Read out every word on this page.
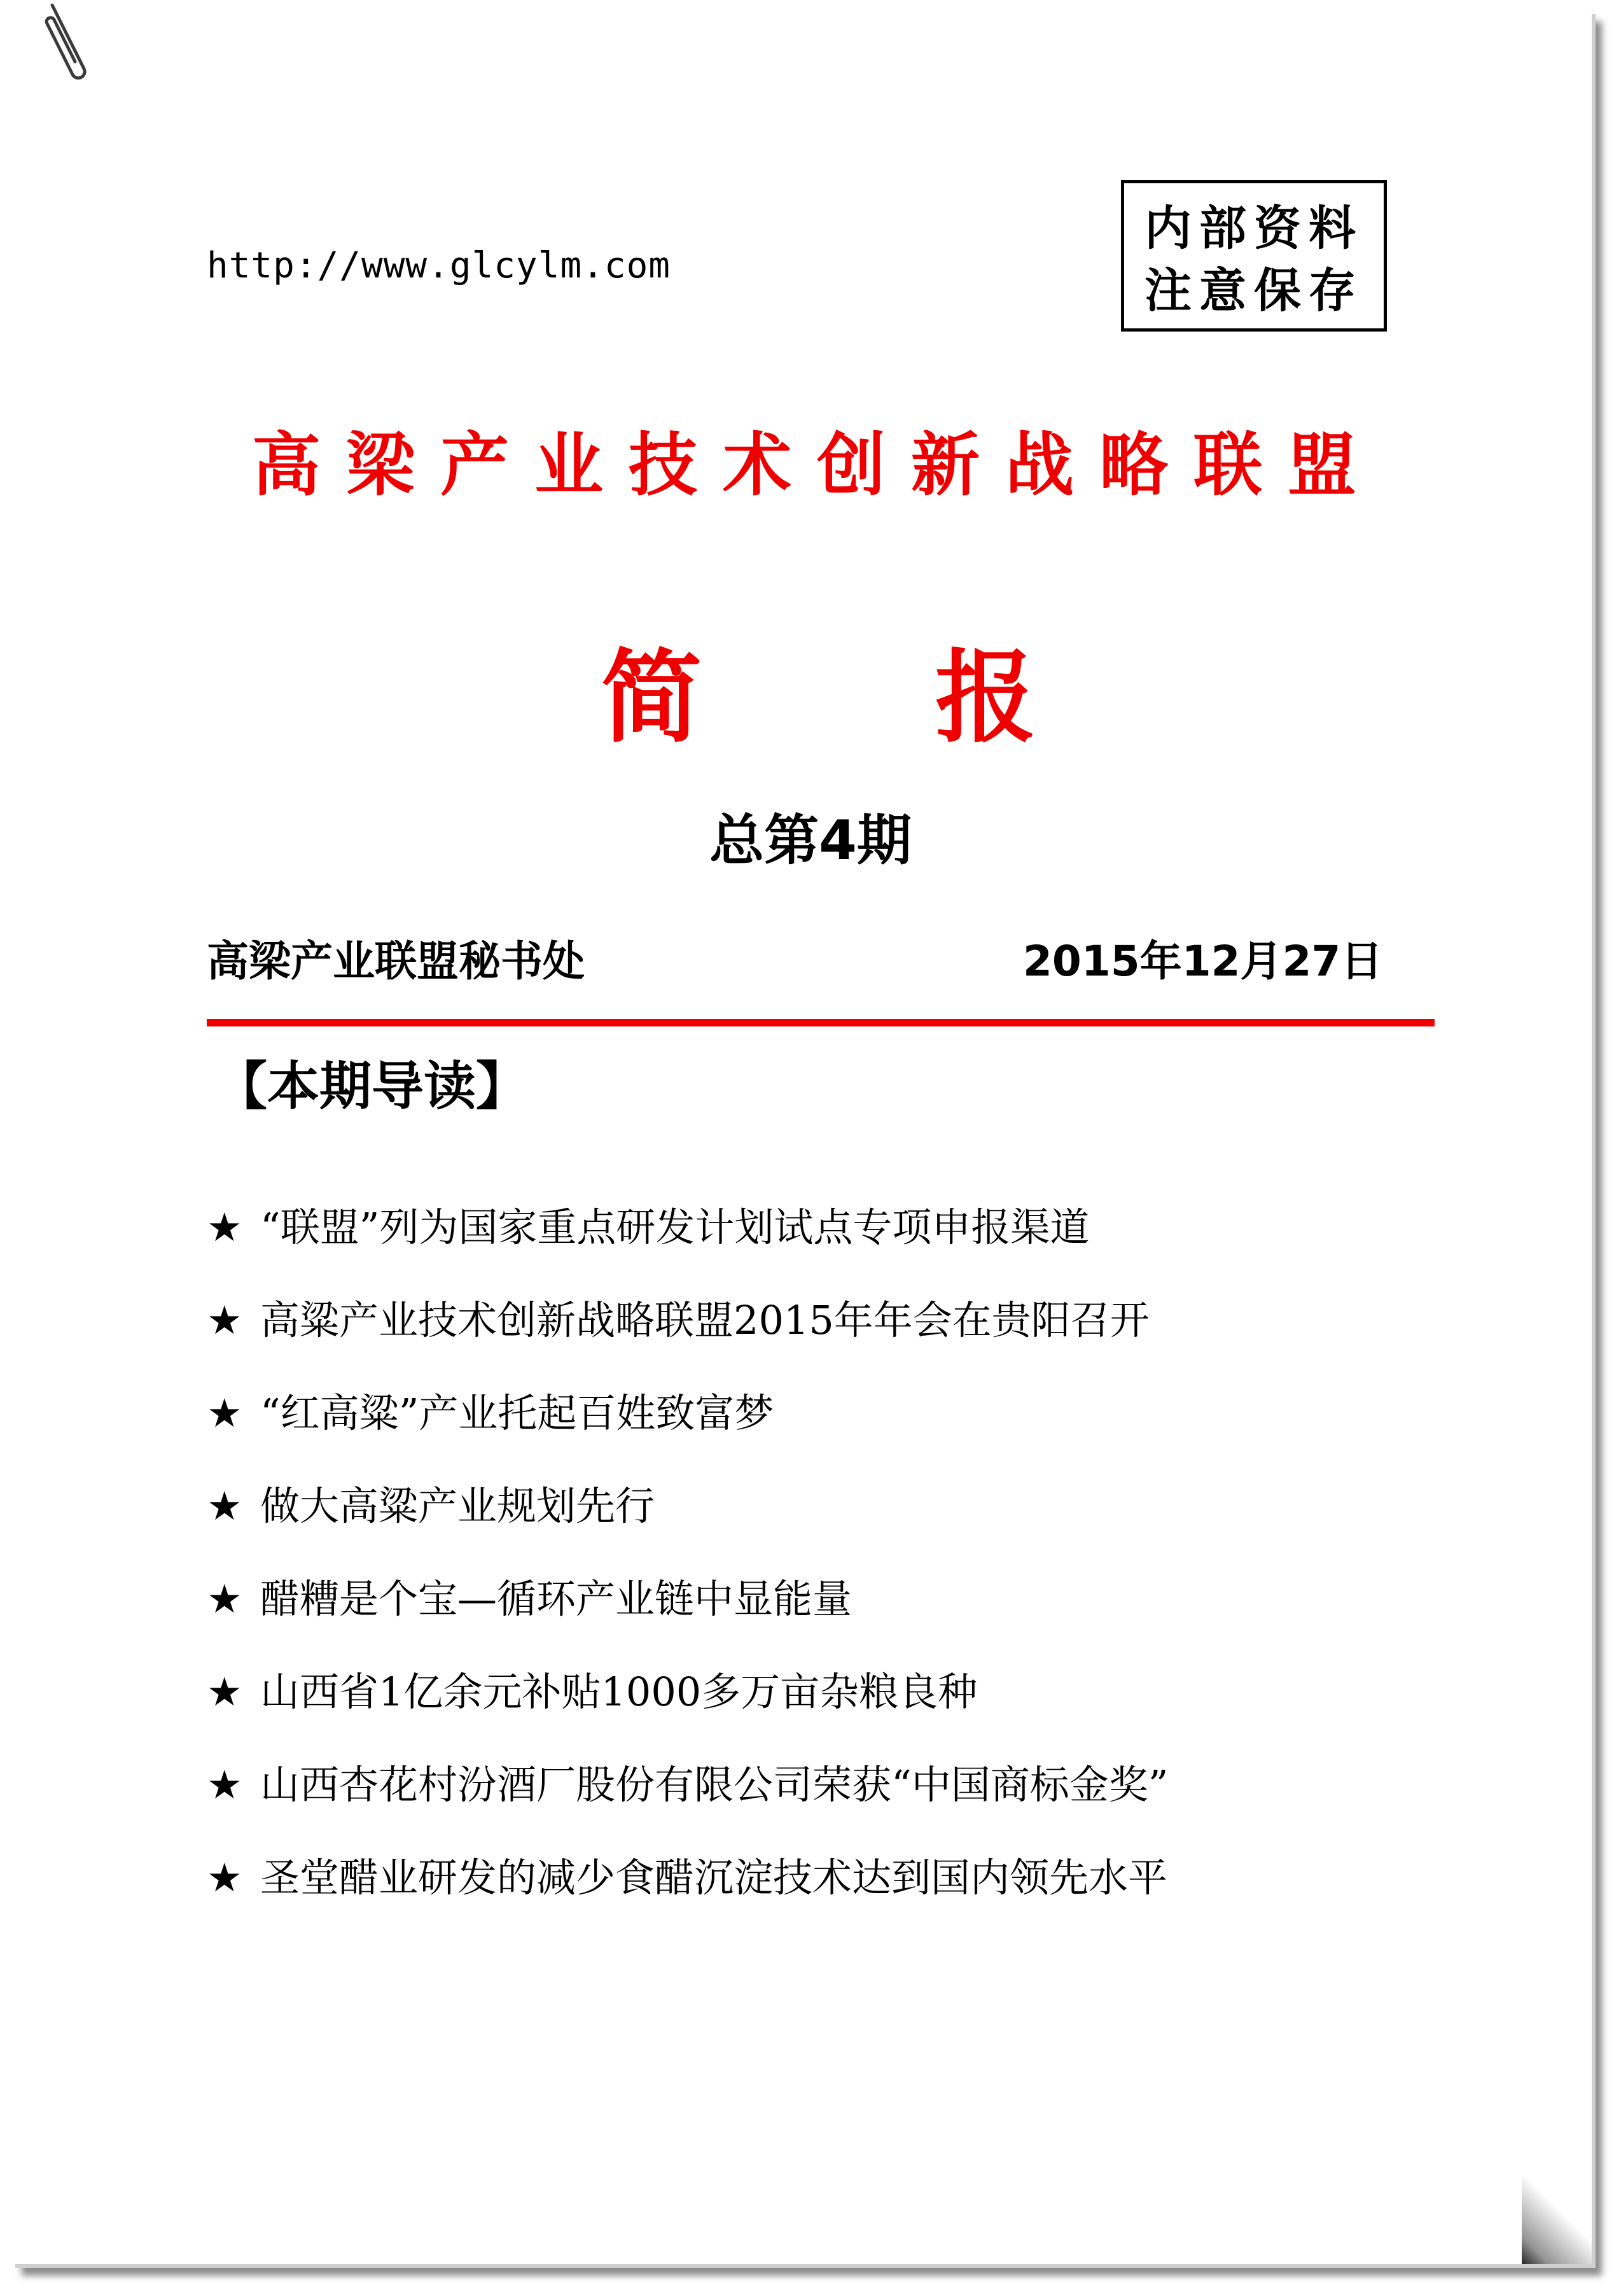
http://www.glcylm.com
内部资料
注意保存
高梁产业技术创新战略联盟
简 报
总第4期
高梁产业联盟秘书处	2015年12月27日
【本期导读】
★ “联盟”列为国家重点研发计划试点专项申报渠道
★ 高粱产业技术创新战略联盟2015年年会在贵阳召开
★ “红高粱”产业托起百姓致富梦
★ 做大高粱产业规划先行
★ 醋糟是个宝—循环产业链中显能量
★ 山西省1亿余元补贴1000多万亩杂粮良种
★ 山西杏花村汾酒厂股份有限公司荣获“中国商标金奖”
★ 圣堂醋业研发的减少食醋沉淀技术达到国内领先水平
